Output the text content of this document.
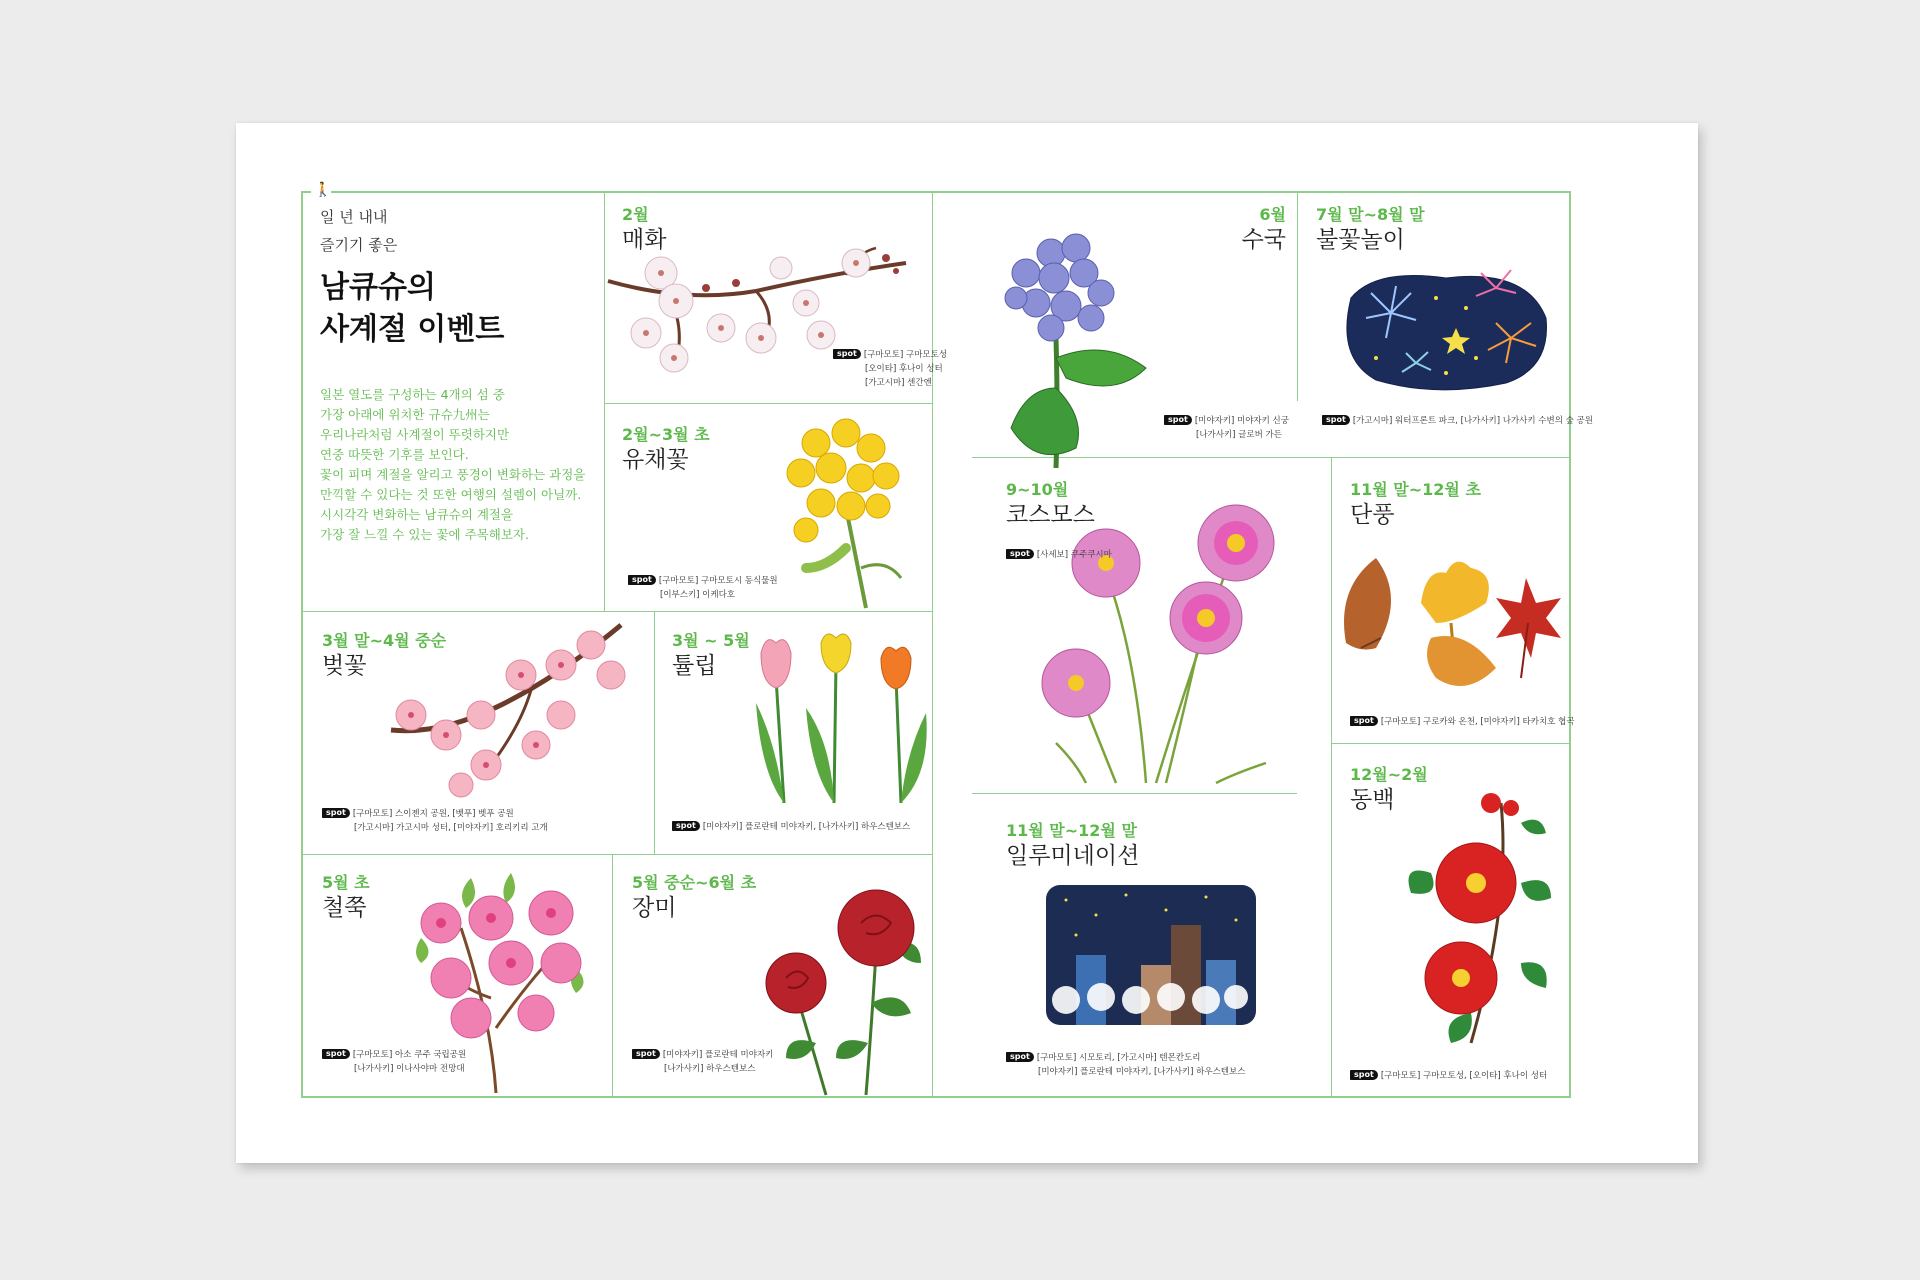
🚶
일 년 내내
즐기기 좋은
남큐슈의
사계절 이벤트
일본 열도를 구성하는 4개의 섬 중
가장 아래에 위치한 규슈九州는
우리나라처럼 사계절이 뚜렷하지만
연중 따뜻한 기후를 보인다.
꽃이 피며 계절을 알리고 풍경이 변화하는 과정을
만끽할 수 있다는 것 또한 여행의 설렘이 아닐까.
시시각각 변화하는 남큐슈의 계절을
가장 잘 느낄 수 있는 꽃에 주목해보자.
2월
매화
spot [구마모토] 구마모토성
[오이타] 후나이 성터
[가고시마] 센간엔
2월~3월 초
유채꽃
spot [구마모토] 구마모토시 동식물원
[이부스키] 이케다호
6월
수국
spot [미야자키] 미야자키 신궁
[나가사키] 글로버 가든
7월 말~8월 말
불꽃놀이
spot [가고시마] 워터프론트 파크, [나가사키] 나가사키 수변의 숲 공원
9~10월
코스모스
spot [사세보] 쿠주쿠시마
11월 말~12월 초
단풍
spot [구마모토] 구로카와 온천, [미야자키] 타카치호 협곡
3월 말~4월 중순
벚꽃
spot [구마모토] 스이젠지 공원, [벳푸] 벳푸 공원
[가고시마] 가고시마 성터, [미야자키] 호리키리 고개
3월 ~ 5월
튤립
spot [미야자키] 플로란테 미야자키, [나가사키] 하우스텐보스
12월~2월
동백
spot [구마모토] 구마모토성, [오이타] 후나이 성터
11월 말~12월 말
일루미네이션
spot [구마모토] 시모토리, [가고시마] 텐몬칸도리
[미야자키] 플로란테 미야자키, [나가사키] 하우스텐보스
5월 초
철쭉
spot [구마모토] 아소 쿠주 국립공원
[나가사키] 이나사야마 전망대
5월 중순~6월 초
장미
spot [미야자키] 플로란테 미야자키
[나가사키] 하우스텐보스
